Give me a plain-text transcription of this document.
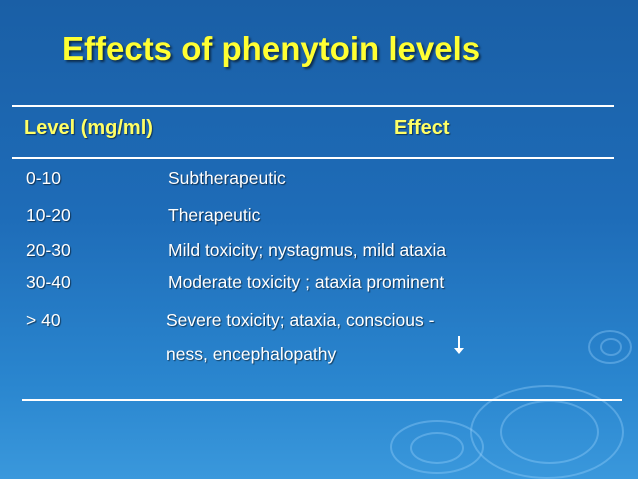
Effects of phenytoin levels
Level (mg/ml)	Effect
0-10	Subtherapeutic
10-20	Therapeutic
20-30	Mild toxicity; nystagmus, mild ataxia
30-40	Moderate toxicity ; ataxia prominent
> 40	Severe toxicity; ataxia, conscious -
ness, encephalopathy
